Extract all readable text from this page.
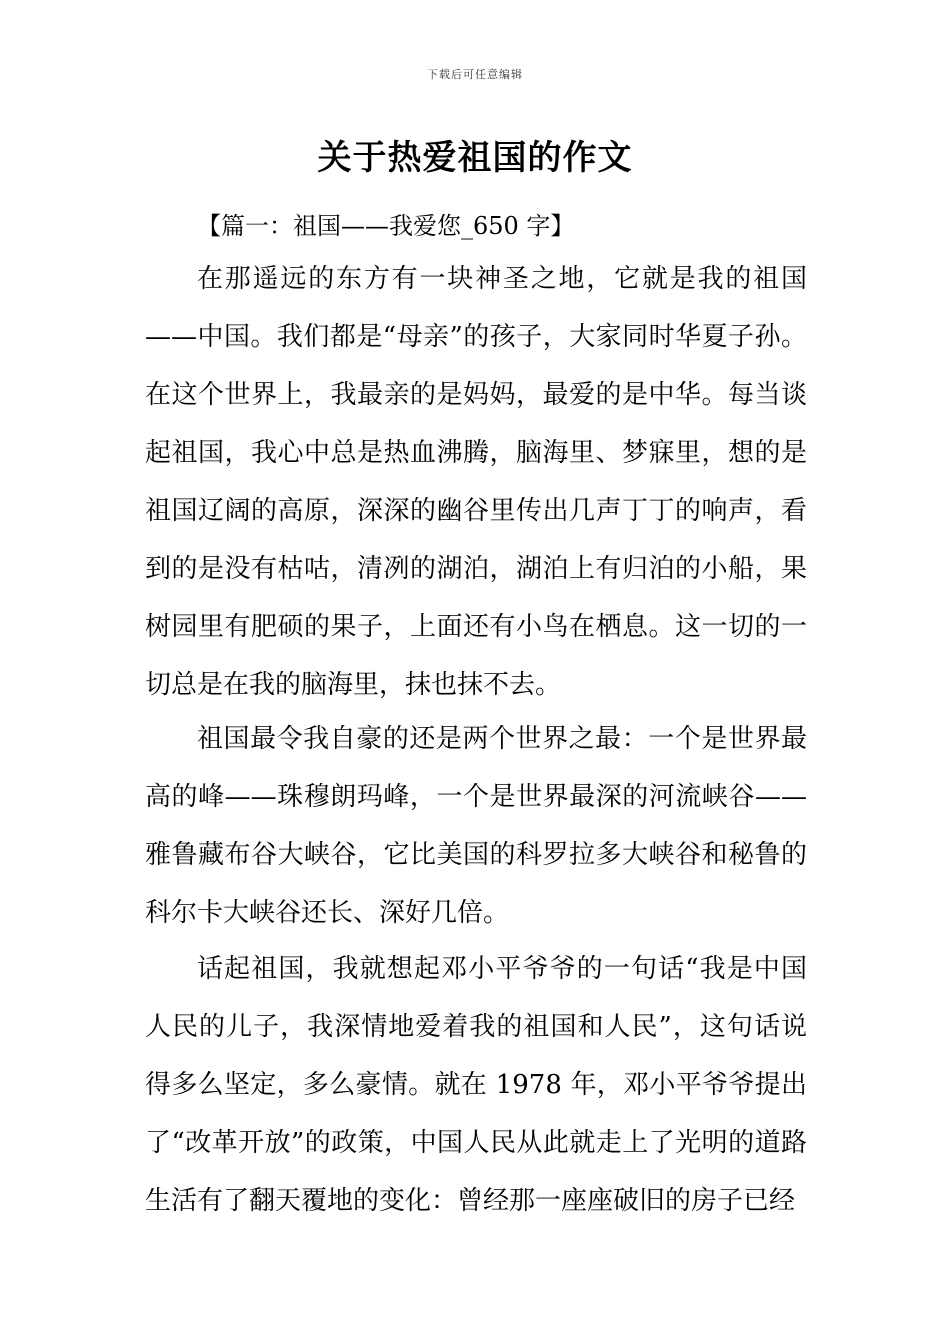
下载后可任意编辑
关于热爱祖国的作文
【篇一：祖国——我爱您_650 字】

在那遥远的东方有一块神圣之地，它就是我的祖国——中国。我们都是“母亲”的孩子，大家同时华夏子孙。在这个世界上，我最亲的是妈妈，最爱的是中华。每当谈起祖国，我心中总是热血沸腾，脑海里、梦寐里，想的是祖国辽阔的高原，深深的幽谷里传出几声丁丁的响声，看到的是没有枯咕，清冽的湖泊，湖泊上有归泊的小船，果树园里有肥硕的果子，上面还有小鸟在栖息。这一切的一切总是在我的脑海里，抹也抹不去。

祖国最令我自豪的还是两个世界之最：一个是世界最高的峰——珠穆朗玛峰，一个是世界最深的河流峡谷——雅鲁藏布谷大峡谷，它比美国的科罗拉多大峡谷和秘鲁的科尔卡大峡谷还长、深好几倍。

话起祖国，我就想起邓小平爷爷的一句话“我是中国人民的儿子，我深情地爱着我的祖国和人民”，这句话说得多么坚定，多么豪情。就在 1978 年，邓小平爷爷提出了“改革开放”的政策，中国人民从此就走上了光明的道路生活有了翻天覆地的变化：曾经那一座座破旧的房子已经
